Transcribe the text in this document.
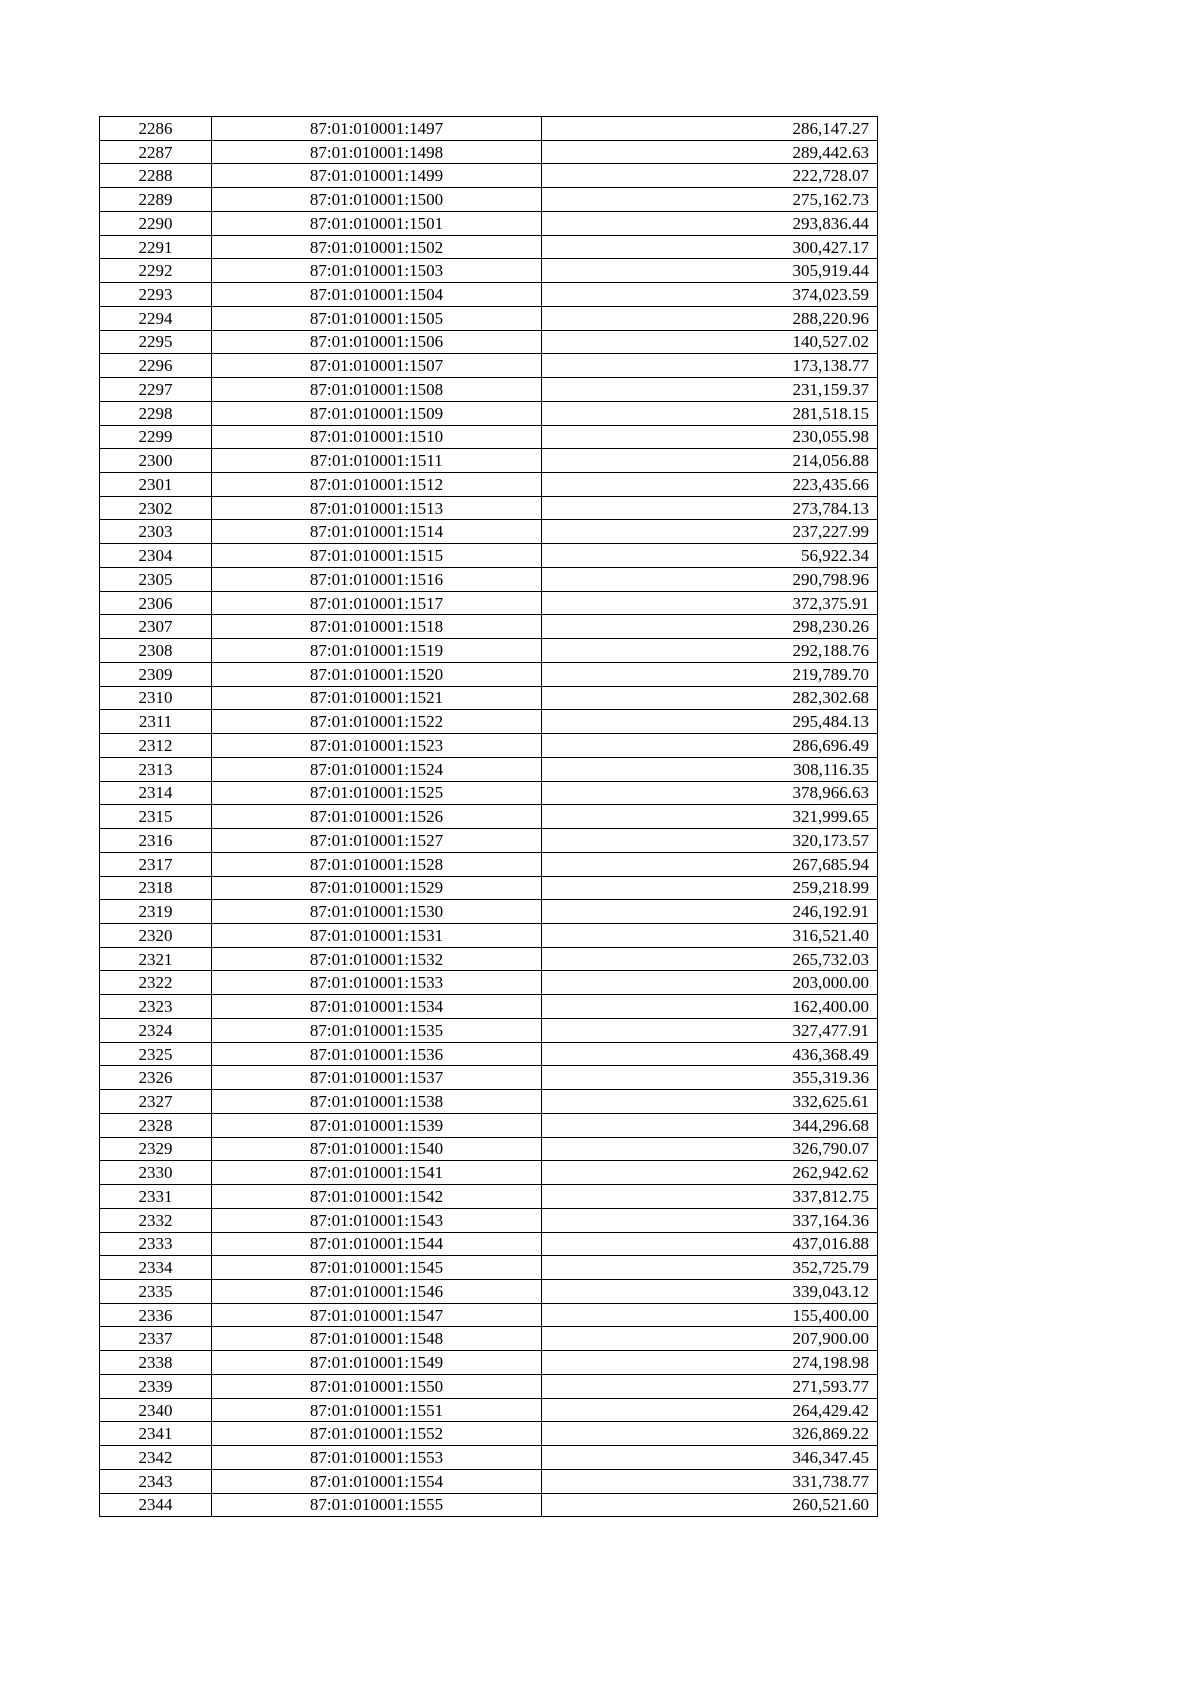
2286	87:01:010001:1497	286,147.27
2287	87:01:010001:1498	289,442.63
2288	87:01:010001:1499	222,728.07
2289	87:01:010001:1500	275,162.73
2290	87:01:010001:1501	293,836.44
2291	87:01:010001:1502	300,427.17
2292	87:01:010001:1503	305,919.44
2293	87:01:010001:1504	374,023.59
2294	87:01:010001:1505	288,220.96
2295	87:01:010001:1506	140,527.02
2296	87:01:010001:1507	173,138.77
2297	87:01:010001:1508	231,159.37
2298	87:01:010001:1509	281,518.15
2299	87:01:010001:1510	230,055.98
2300	87:01:010001:1511	214,056.88
2301	87:01:010001:1512	223,435.66
2302	87:01:010001:1513	273,784.13
2303	87:01:010001:1514	237,227.99
2304	87:01:010001:1515	56,922.34
2305	87:01:010001:1516	290,798.96
2306	87:01:010001:1517	372,375.91
2307	87:01:010001:1518	298,230.26
2308	87:01:010001:1519	292,188.76
2309	87:01:010001:1520	219,789.70
2310	87:01:010001:1521	282,302.68
2311	87:01:010001:1522	295,484.13
2312	87:01:010001:1523	286,696.49
2313	87:01:010001:1524	308,116.35
2314	87:01:010001:1525	378,966.63
2315	87:01:010001:1526	321,999.65
2316	87:01:010001:1527	320,173.57
2317	87:01:010001:1528	267,685.94
2318	87:01:010001:1529	259,218.99
2319	87:01:010001:1530	246,192.91
2320	87:01:010001:1531	316,521.40
2321	87:01:010001:1532	265,732.03
2322	87:01:010001:1533	203,000.00
2323	87:01:010001:1534	162,400.00
2324	87:01:010001:1535	327,477.91
2325	87:01:010001:1536	436,368.49
2326	87:01:010001:1537	355,319.36
2327	87:01:010001:1538	332,625.61
2328	87:01:010001:1539	344,296.68
2329	87:01:010001:1540	326,790.07
2330	87:01:010001:1541	262,942.62
2331	87:01:010001:1542	337,812.75
2332	87:01:010001:1543	337,164.36
2333	87:01:010001:1544	437,016.88
2334	87:01:010001:1545	352,725.79
2335	87:01:010001:1546	339,043.12
2336	87:01:010001:1547	155,400.00
2337	87:01:010001:1548	207,900.00
2338	87:01:010001:1549	274,198.98
2339	87:01:010001:1550	271,593.77
2340	87:01:010001:1551	264,429.42
2341	87:01:010001:1552	326,869.22
2342	87:01:010001:1553	346,347.45
2343	87:01:010001:1554	331,738.77
2344	87:01:010001:1555	260,521.60
